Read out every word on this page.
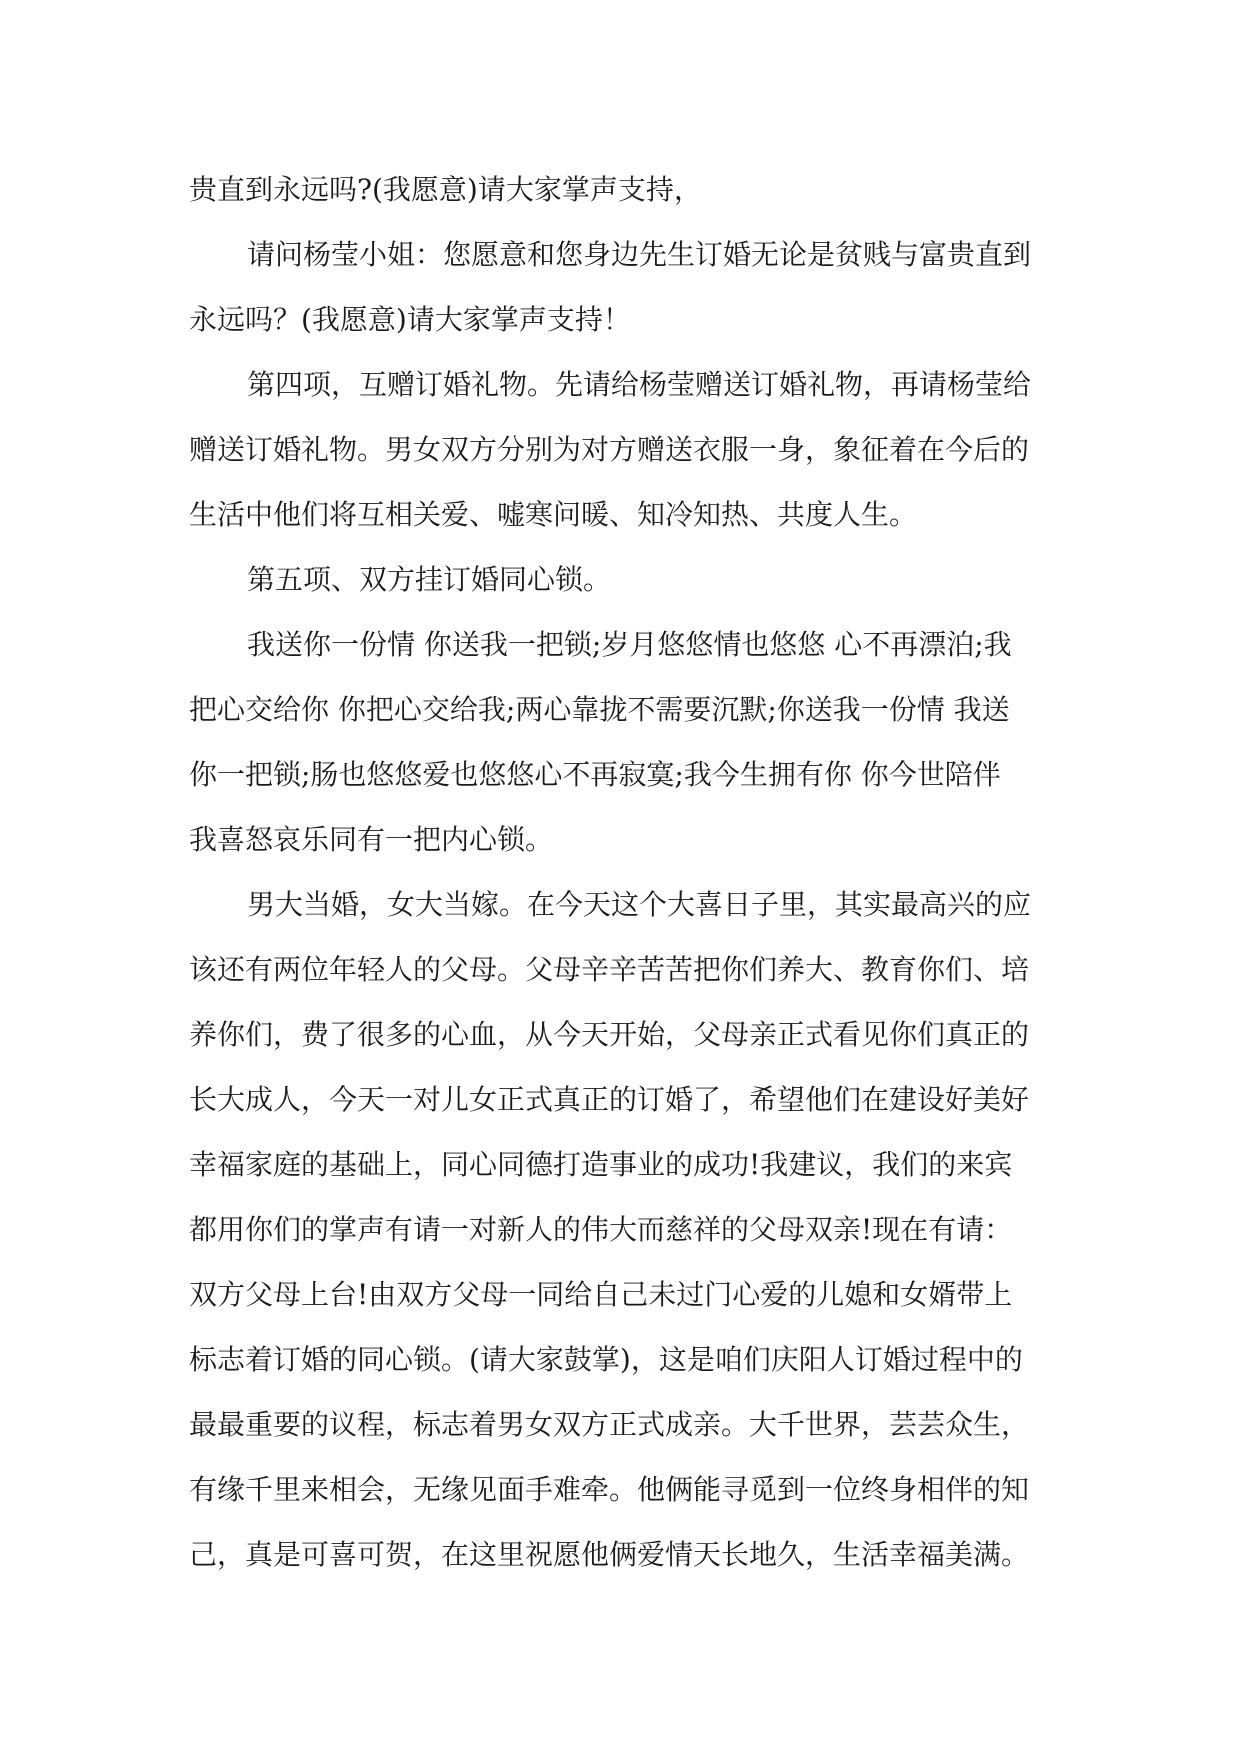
贵直到永远吗?(我愿意)请大家掌声支持，
请问杨莹小姐：您愿意和您身边先生订婚无论是贫贱与富贵直到
永远吗？(我愿意)请大家掌声支持！
第四项，互赠订婚礼物。先请给杨莹赠送订婚礼物，再请杨莹给
赠送订婚礼物。男女双方分别为对方赠送衣服一身，象征着在今后的
生活中他们将互相关爱、嘘寒问暖、知冷知热、共度人生。
第五项、双方挂订婚同心锁。
我送你一份情 你送我一把锁;岁月悠悠情也悠悠 心不再漂泊;我
把心交给你 你把心交给我;两心靠拢不需要沉默;你送我一份情 我送
你一把锁;肠也悠悠爱也悠悠心不再寂寞;我今生拥有你 你今世陪伴
我喜怒哀乐同有一把内心锁。
男大当婚，女大当嫁。在今天这个大喜日子里，其实最高兴的应
该还有两位年轻人的父母。父母辛辛苦苦把你们养大、教育你们、培
养你们，费了很多的心血，从今天开始，父母亲正式看见你们真正的
长大成人，今天一对儿女正式真正的订婚了，希望他们在建设好美好
幸福家庭的基础上，同心同德打造事业的成功!我建议，我们的来宾
都用你们的掌声有请一对新人的伟大而慈祥的父母双亲!现在有请：
双方父母上台!由双方父母一同给自己未过门心爱的儿媳和女婿带上
标志着订婚的同心锁。(请大家鼓掌)，这是咱们庆阳人订婚过程中的
最最重要的议程，标志着男女双方正式成亲。大千世界，芸芸众生，
有缘千里来相会，无缘见面手难牵。他俩能寻觅到一位终身相伴的知
己，真是可喜可贺，在这里祝愿他俩爱情天长地久，生活幸福美满。
